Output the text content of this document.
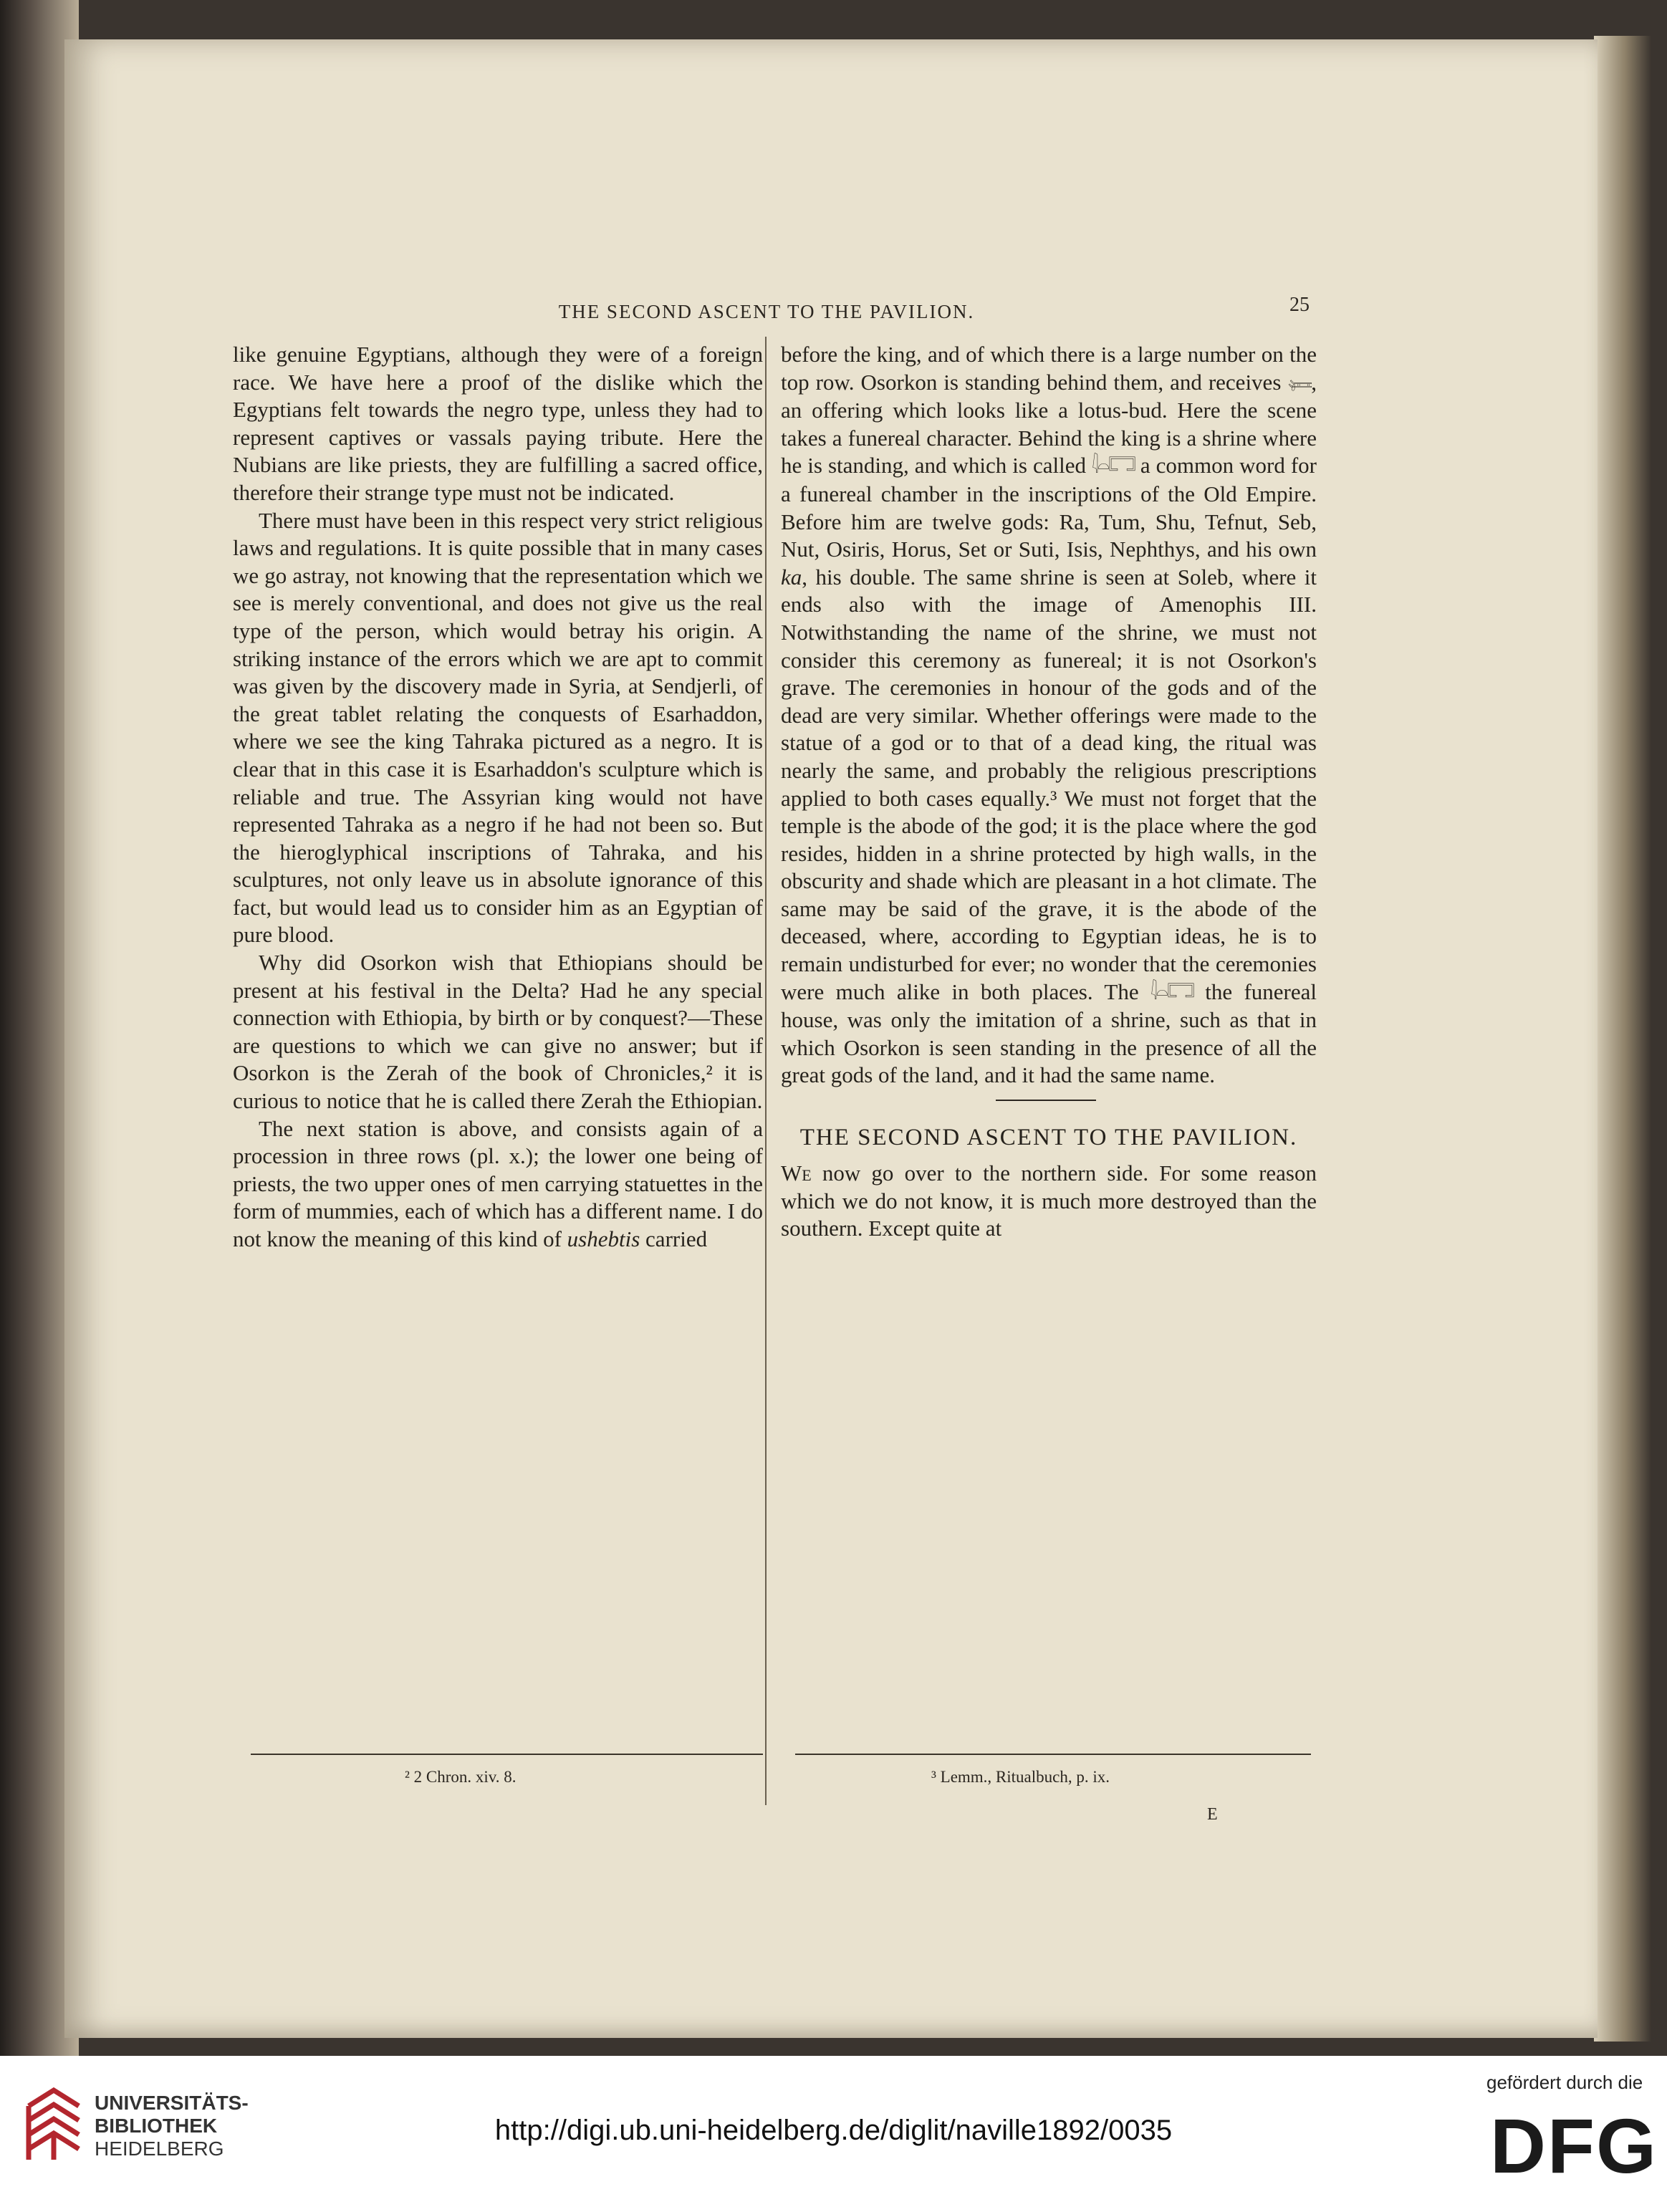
THE SECOND ASCENT TO THE PAVILION.	25

like genuine Egyptians, although they were of a foreign race. We have here a proof of the dislike which the Egyptians felt towards the negro type, unless they had to represent captives or vassals paying tribute. Here the Nubians are like priests, they are fulfilling a sacred office, therefore their strange type must not be indicated.

There must have been in this respect very strict religious laws and regulations. It is quite possible that in many cases we go astray, not knowing that the representation which we see is merely conventional, and does not give us the real type of the person, which would betray his origin. A striking instance of the errors which we are apt to commit was given by the discovery made in Syria, at Sendjerli, of the great tablet relating the conquests of Esarhaddon, where we see the king Tahraka pictured as a negro. It is clear that in this case it is Esarhaddon's sculpture which is reliable and true. The Assyrian king would not have represented Tahraka as a negro if he had not been so. But the hieroglyphical inscriptions of Tahraka, and his sculptures, not only leave us in absolute ignorance of this fact, but would lead us to consider him as an Egyptian of pure blood.

Why did Osorkon wish that Ethiopians should be present at his festival in the Delta? Had he any special connection with Ethiopia, by birth or by conquest?—These are questions to which we can give no answer; but if Osorkon is the Zerah of the book of Chronicles,² it is curious to notice that he is called there Zerah the Ethiopian.

The next station is above, and consists again of a procession in three rows (pl. x.); the lower one being of priests, the two upper ones of men carrying statuettes in the form of mummies, each of which has a different name. I do not know the meaning of this kind of ushebtis carried

before the king, and of which there is a large number on the top row. Osorkon is standing behind them, and receives 𓍃, an offering which looks like a lotus-bud. Here the scene takes a funereal character. Behind the king is a shrine where he is standing, and which is called 𓇋𓏏𓉐 a common word for a funereal chamber in the inscriptions of the Old Empire. Before him are twelve gods: Ra, Tum, Shu, Tefnut, Seb, Nut, Osiris, Horus, Set or Suti, Isis, Nephthys, and his own ka, his double. The same shrine is seen at Soleb, where it ends also with the image of Amenophis III. Notwithstanding the name of the shrine, we must not consider this ceremony as funereal; it is not Osorkon's grave. The ceremonies in honour of the gods and of the dead are very similar. Whether offerings were made to the statue of a god or to that of a dead king, the ritual was nearly the same, and probably the religious prescriptions applied to both cases equally.³ We must not forget that the temple is the abode of the god; it is the place where the god resides, hidden in a shrine protected by high walls, in the obscurity and shade which are pleasant in a hot climate. The same may be said of the grave, it is the abode of the deceased, where, according to Egyptian ideas, he is to remain undisturbed for ever; no wonder that the ceremonies were much alike in both places. The 𓇋𓏏𓉐 the funereal house, was only the imitation of a shrine, such as that in which Osorkon is seen standing in the presence of all the great gods of the land, and it had the same name.

THE SECOND ASCENT TO THE PAVILION.

We now go over to the northern side. For some reason which we do not know, it is much more destroyed than the southern. Except quite at

² 2 Chron. xiv. 8.	³ Lemm., Ritualbuch, p. ix.
E
UNIVERSITÄTS-
BIBLIOTHEK
HEIDELBERG
http://digi.ub.uni-heidelberg.de/diglit/naville1892/0035
gefördert durch die
DFG
